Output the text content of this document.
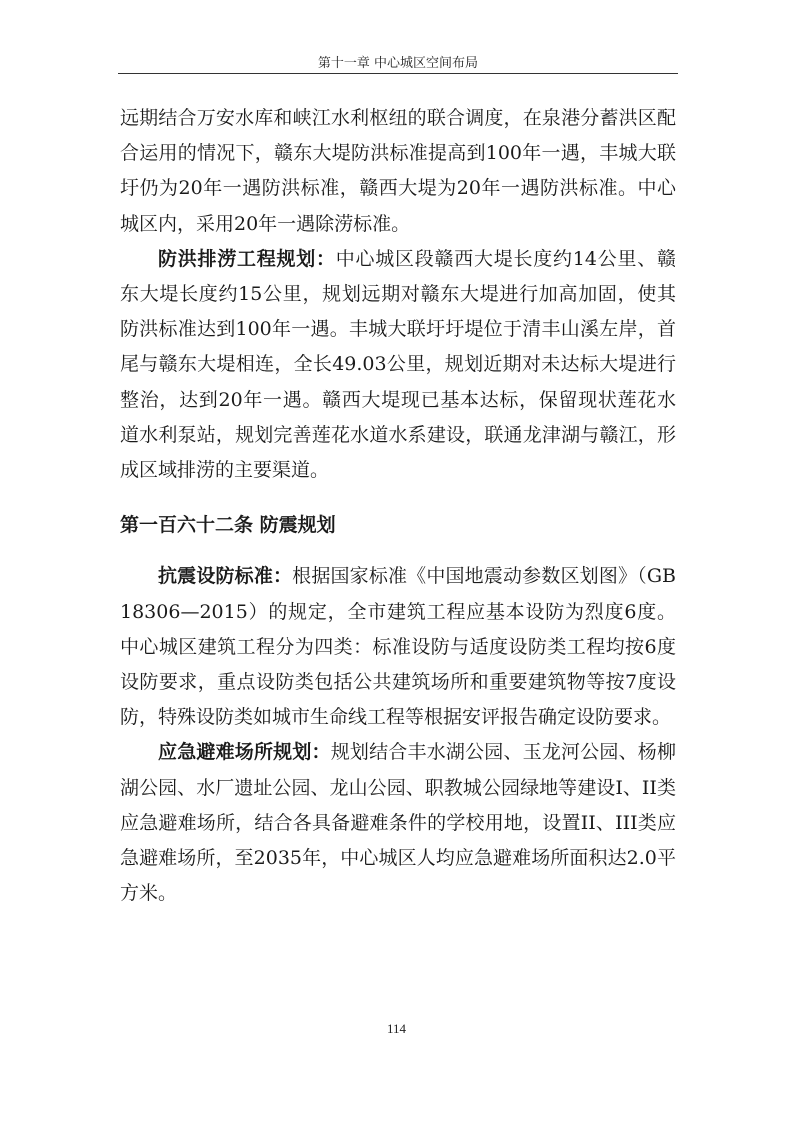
第十一章 中心城区空间布局

远期结合万安水库和峡江水利枢纽的联合调度，在泉港分蓄洪区配合运用的情况下，赣东大堤防洪标准提高到100年一遇，丰城大联圩仍为20年一遇防洪标准，赣西大堤为20年一遇防洪标准。中心城区内，采用20年一遇除涝标准。

防洪排涝工程规划：中心城区段赣西大堤长度约14公里、赣东大堤长度约15公里，规划远期对赣东大堤进行加高加固，使其防洪标准达到100年一遇。丰城大联圩圩堤位于清丰山溪左岸，首尾与赣东大堤相连，全长49.03公里，规划近期对未达标大堤进行整治，达到20年一遇。赣西大堤现已基本达标，保留现状莲花水道水利泵站，规划完善莲花水道水系建设，联通龙津湖与赣江，形成区域排涝的主要渠道。

第一百六十二条 防震规划

抗震设防标准：根据国家标准《中国地震动参数区划图》（GB18306—2015）的规定，全市建筑工程应基本设防为烈度6度。中心城区建筑工程分为四类：标准设防与适度设防类工程均按6度设防要求，重点设防类包括公共建筑场所和重要建筑物等按7度设防，特殊设防类如城市生命线工程等根据安评报告确定设防要求。

应急避难场所规划：规划结合丰水湖公园、玉龙河公园、杨柳湖公园、水厂遗址公园、龙山公园、职教城公园绿地等建设I、II类应急避难场所，结合各具备避难条件的学校用地，设置II、III类应急避难场所，至2035年，中心城区人均应急避难场所面积达2.0平方米。

114
